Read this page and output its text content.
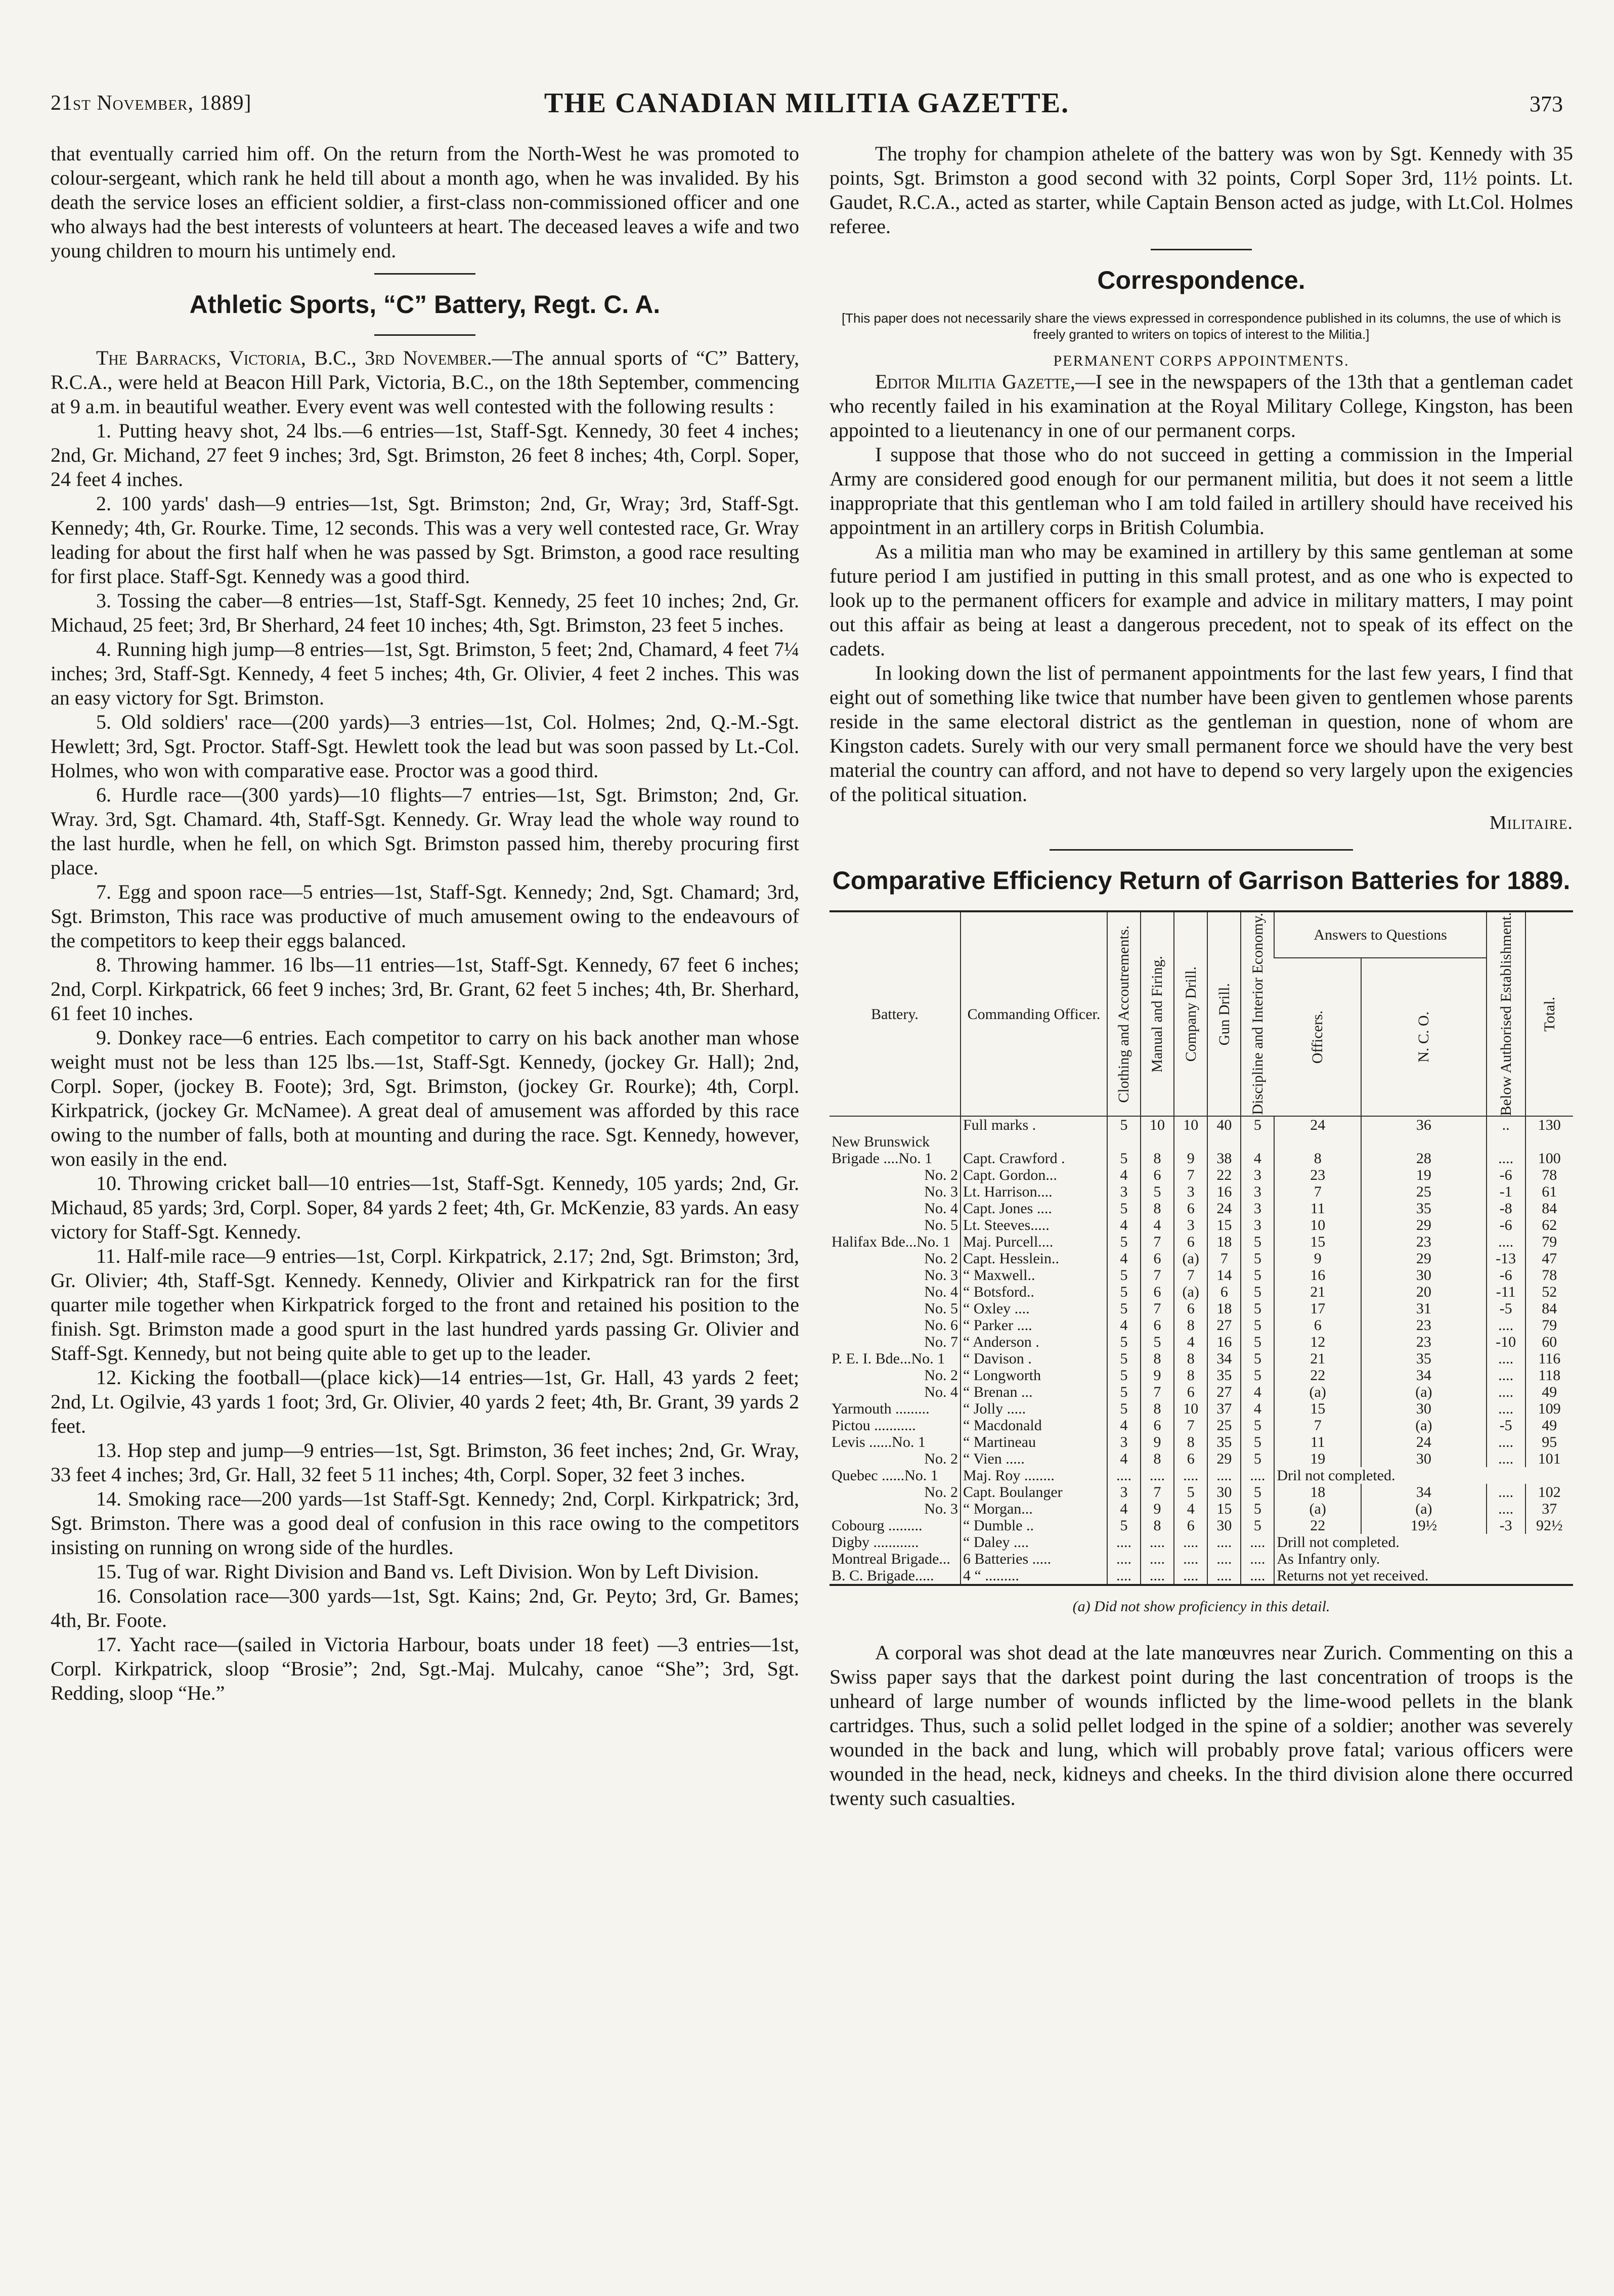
21st November, 1889]	THE CANADIAN MILITIA GAZETTE.	373

that eventually carried him off. On the return from the North-West he was promoted to colour-sergeant, which rank he held till about a month ago, when he was invalided. By his death the service loses an efficient soldier, a first-class non-commissioned officer and one who always had the best interests of volunteers at heart. The deceased leaves a wife and two young children to mourn his untimely end.

Athletic Sports, “C” Battery, Regt. C. A.

The Barracks, Victoria, B.C., 3rd November.—The annual sports of “C” Battery, R.C.A., were held at Beacon Hill Park, Victoria, B.C., on the 18th September, commencing at 9 a.m. in beautiful weather. Every event was well contested with the following results :

1. Putting heavy shot, 24 lbs.—6 entries—1st, Staff-Sgt. Kennedy, 30 feet 4 inches; 2nd, Gr. Michand, 27 feet 9 inches; 3rd, Sgt. Brimston, 26 feet 8 inches; 4th, Corpl. Soper, 24 feet 4 inches.

2. 100 yards' dash—9 entries—1st, Sgt. Brimston; 2nd, Gr, Wray; 3rd, Staff-Sgt. Kennedy; 4th, Gr. Rourke. Time, 12 seconds. This was a very well contested race, Gr. Wray leading for about the first half when he was passed by Sgt. Brimston, a good race resulting for first place. Staff-Sgt. Kennedy was a good third.

3. Tossing the caber—8 entries—1st, Staff-Sgt. Kennedy, 25 feet 10 inches; 2nd, Gr. Michaud, 25 feet; 3rd, Br Sherhard, 24 feet 10 inches; 4th, Sgt. Brimston, 23 feet 5 inches.

4. Running high jump—8 entries—1st, Sgt. Brimston, 5 feet; 2nd, Chamard, 4 feet 7¼ inches; 3rd, Staff-Sgt. Kennedy, 4 feet 5 inches; 4th, Gr. Olivier, 4 feet 2 inches. This was an easy victory for Sgt. Brimston.

5. Old soldiers' race—(200 yards)—3 entries—1st, Col. Holmes; 2nd, Q.-M.-Sgt. Hewlett; 3rd, Sgt. Proctor. Staff-Sgt. Hewlett took the lead but was soon passed by Lt.-Col. Holmes, who won with comparative ease. Proctor was a good third.

6. Hurdle race—(300 yards)—10 flights—7 entries—1st, Sgt. Brimston; 2nd, Gr. Wray. 3rd, Sgt. Chamard. 4th, Staff-Sgt. Kennedy. Gr. Wray lead the whole way round to the last hurdle, when he fell, on which Sgt. Brimston passed him, thereby procuring first place.

7. Egg and spoon race—5 entries—1st, Staff-Sgt. Kennedy; 2nd, Sgt. Chamard; 3rd, Sgt. Brimston, This race was productive of much amusement owing to the endeavours of the competitors to keep their eggs balanced.

8. Throwing hammer. 16 lbs—11 entries—1st, Staff-Sgt. Kennedy, 67 feet 6 inches; 2nd, Corpl. Kirkpatrick, 66 feet 9 inches; 3rd, Br. Grant, 62 feet 5 inches; 4th, Br. Sherhard, 61 feet 10 inches.

9. Donkey race—6 entries. Each competitor to carry on his back another man whose weight must not be less than 125 lbs.—1st, Staff-Sgt. Kennedy, (jockey Gr. Hall); 2nd, Corpl. Soper, (jockey B. Foote); 3rd, Sgt. Brimston, (jockey Gr. Rourke); 4th, Corpl. Kirkpatrick, (jockey Gr. McNamee). A great deal of amusement was afforded by this race owing to the number of falls, both at mounting and during the race. Sgt. Kennedy, however, won easily in the end.

10. Throwing cricket ball—10 entries—1st, Staff-Sgt. Kennedy, 105 yards; 2nd, Gr. Michaud, 85 yards; 3rd, Corpl. Soper, 84 yards 2 feet; 4th, Gr. McKenzie, 83 yards. An easy victory for Staff-Sgt. Kennedy.

11. Half-mile race—9 entries—1st, Corpl. Kirkpatrick, 2.17; 2nd, Sgt. Brimston; 3rd, Gr. Olivier; 4th, Staff-Sgt. Kennedy. Kennedy, Olivier and Kirkpatrick ran for the first quarter mile together when Kirkpatrick forged to the front and retained his position to the finish. Sgt. Brimston made a good spurt in the last hundred yards passing Gr. Olivier and Staff-Sgt. Kennedy, but not being quite able to get up to the leader.

12. Kicking the football—(place kick)—14 entries—1st, Gr. Hall, 43 yards 2 feet; 2nd, Lt. Ogilvie, 43 yards 1 foot; 3rd, Gr. Olivier, 40 yards 2 feet; 4th, Br. Grant, 39 yards 2 feet.

13. Hop step and jump—9 entries—1st, Sgt. Brimston, 36 feet inches; 2nd, Gr. Wray, 33 feet 4 inches; 3rd, Gr. Hall, 32 feet 5 11 inches; 4th, Corpl. Soper, 32 feet 3 inches.

14. Smoking race—200 yards—1st Staff-Sgt. Kennedy; 2nd, Corpl. Kirkpatrick; 3rd, Sgt. Brimston. There was a good deal of confusion in this race owing to the competitors insisting on running on wrong side of the hurdles.

15. Tug of war. Right Division and Band vs. Left Division. Won by Left Division.

16. Consolation race—300 yards—1st, Sgt. Kains; 2nd, Gr. Peyto; 3rd, Gr. Bames; 4th, Br. Foote.

17. Yacht race—(sailed in Victoria Harbour, boats under 18 feet) —3 entries—1st, Corpl. Kirkpatrick, sloop “Brosie”; 2nd, Sgt.-Maj. Mulcahy, canoe “She”; 3rd, Sgt. Redding, sloop “He.”

The trophy for champion athelete of the battery was won by Sgt. Kennedy with 35 points, Sgt. Brimston a good second with 32 points, Corpl Soper 3rd, 11½ points. Lt. Gaudet, R.C.A., acted as starter, while Captain Benson acted as judge, with Lt.Col. Holmes referee.

Correspondence.
[This paper does not necessarily share the views expressed in correspondence published in its columns, the use of which is freely granted to writers on topics of interest to the Militia.]
PERMANENT CORPS APPOINTMENTS.

Editor Militia Gazette,—I see in the newspapers of the 13th that a gentleman cadet who recently failed in his examination at the Royal Military College, Kingston, has been appointed to a lieutenancy in one of our permanent corps.

I suppose that those who do not succeed in getting a commission in the Imperial Army are considered good enough for our permanent militia, but does it not seem a little inappropriate that this gentleman who I am told failed in artillery should have received his appointment in an artillery corps in British Columbia.

As a militia man who may be examined in artillery by this same gentleman at some future period I am justified in putting in this small protest, and as one who is expected to look up to the permanent officers for example and advice in military matters, I may point out this affair as being at least a dangerous precedent, not to speak of its effect on the cadets.

In looking down the list of permanent appointments for the last few years, I find that eight out of something like twice that number have been given to gentlemen whose parents reside in the same electoral district as the gentleman in question, none of whom are Kingston cadets. Surely with our very small permanent force we should have the very best material the country can afford, and not have to depend so very largely upon the exigencies of the political situation.

Militaire.
Comparative Efficiency Return of Garrison Batteries for 1889.
Battery.	Commanding Officer.	Clothing and Accoutrements.	Manual and Firing.	Company Drill.	Gun Drill.	Discipline and Interior Economy.	Answers to Questions		Below Authorised Establishment.	Total.

							Officers.	N. C. O.		

	Full marks .	5	10	10	40	5	24	36	..	130
New Brunswick										
Brigade ....No. 1	Capt. Crawford .	5	8	9	38	4	8	28	....	100
No. 2	Capt. Gordon...	4	6	7	22	3	23	19	-6	78
No. 3	Lt. Harrison....	3	5	3	16	3	7	25	-1	61
No. 4	Capt. Jones ....	5	8	6	24	3	11	35	-8	84
No. 5	Lt. Steeves.....	4	4	3	15	3	10	29	-6	62
Halifax Bde...No. 1	Maj. Purcell....	5	7	6	18	5	15	23	....	79
No. 2	Capt. Hesslein..	4	6	(a)	7	5	9	29	-13	47
No. 3	“ Maxwell..	5	7	7	14	5	16	30	-6	78
No. 4	“ Botsford..	5	6	(a)	6	5	21	20	-11	52
No. 5	“ Oxley ....	5	7	6	18	5	17	31	-5	84
No. 6	“ Parker ....	4	6	8	27	5	6	23	....	79
No. 7	“ Anderson .	5	5	4	16	5	12	23	-10	60
P. E. I. Bde...No. 1	“ Davison .	5	8	8	34	5	21	35	....	116
No. 2	“ Longworth	5	9	8	35	5	22	34	....	118
No. 4	“ Brenan ...	5	7	6	27	4	(a)	(a)	....	49
Yarmouth .........	“ Jolly .....	5	8	10	37	4	15	30	....	109
Pictou ...........	“ Macdonald	4	6	7	25	5	7	(a)	-5	49
Levis ......No. 1	“ Martineau	3	9	8	35	5	11	24	....	95
No. 2	“ Vien .....	4	8	6	29	5	19	30	....	101
Quebec ......No. 1	Maj. Roy ........	....	....	....	....	....	Dril not completed.			
No. 2	Capt. Boulanger	3	7	5	30	5	18	34	....	102
No. 3	“ Morgan...	4	9	4	15	5	(a)	(a)	....	37
Cobourg .........	“ Dumble ..	5	8	6	30	5	22	19½	-3	92½
Digby ............	“ Daley ....	....	....	....	....	....	Drill not completed.			
Montreal Brigade...	6 Batteries .....	....	....	....	....	....	As Infantry only.			
B. C. Brigade.....	4 “ .........	....	....	....	....	....	Returns not yet received.			
(a) Did not show proficiency in this detail.

A corporal was shot dead at the late manœuvres near Zurich. Commenting on this a Swiss paper says that the darkest point during the last concentration of troops is the unheard of large number of wounds inflicted by the lime-wood pellets in the blank cartridges. Thus, such a solid pellet lodged in the spine of a soldier; another was severely wounded in the back and lung, which will probably prove fatal; various officers were wounded in the head, neck, kidneys and cheeks. In the third division alone there occurred twenty such casualties.
